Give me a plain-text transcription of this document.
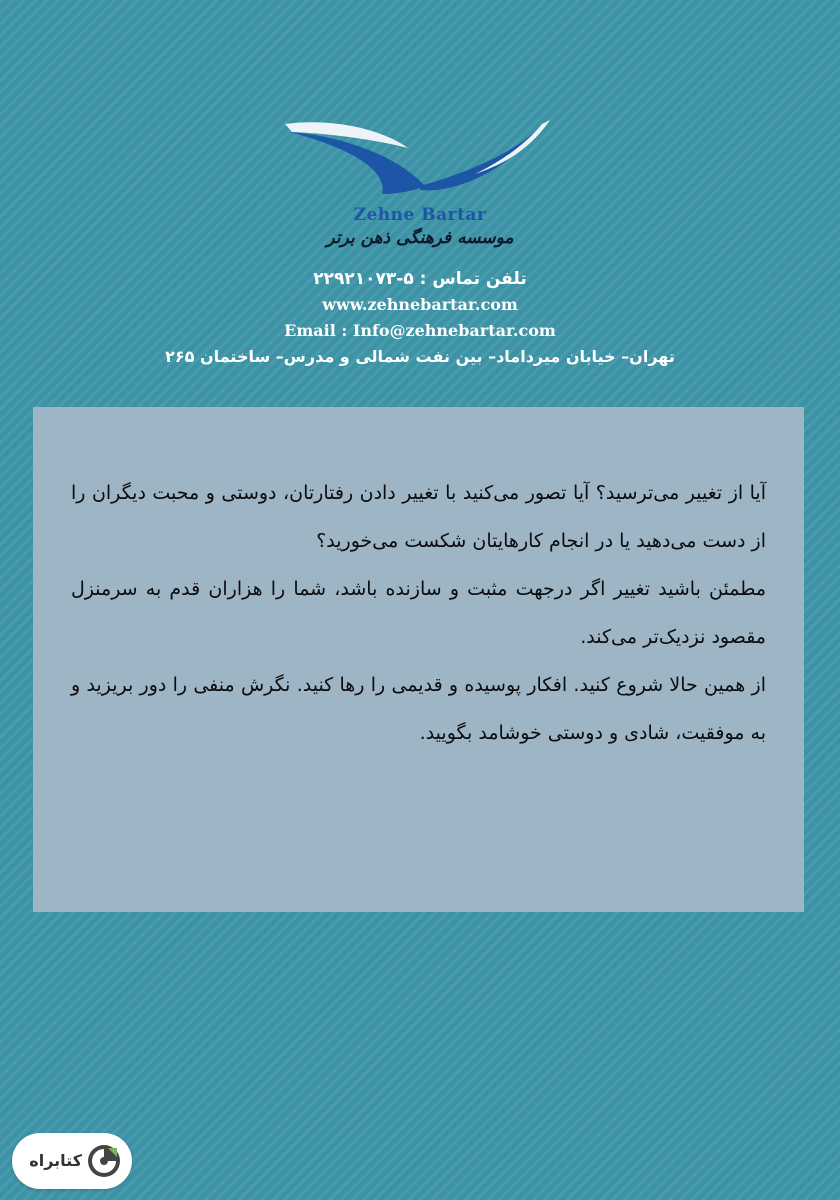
Zehne Bartar
موسسه فرهنگی ذهن برتر
تلفن تماس : ۵-۲۲۹۲۱۰۷۳
www.zehnebartar.com
Email : Info@zehnebartar.com
تهران– خیابان میرداماد– بین نفت شمالی و مدرس– ساختمان ۲۶۵

آیا از تغییر می‌ترسید؟ آیا تصور می‌کنید با تغییر دادن رفتارتان، دوستی و محبت دیگران را از دست می‌دهید یا در انجام کارهایتان شکست می‌خورید؟

مطمئن باشید تغییر اگر درجهت مثبت و سازنده باشد، شما را هزاران قدم به سرمنزل مقصود نزدیک‌تر می‌کند.

از همین حالا شروع کنید. افکار پوسیده و قدیمی را رها کنید. نگرش منفی را دور بریزید و به موفقیت، شادی و دوستی خوشامد بگویید.

کتابراه
